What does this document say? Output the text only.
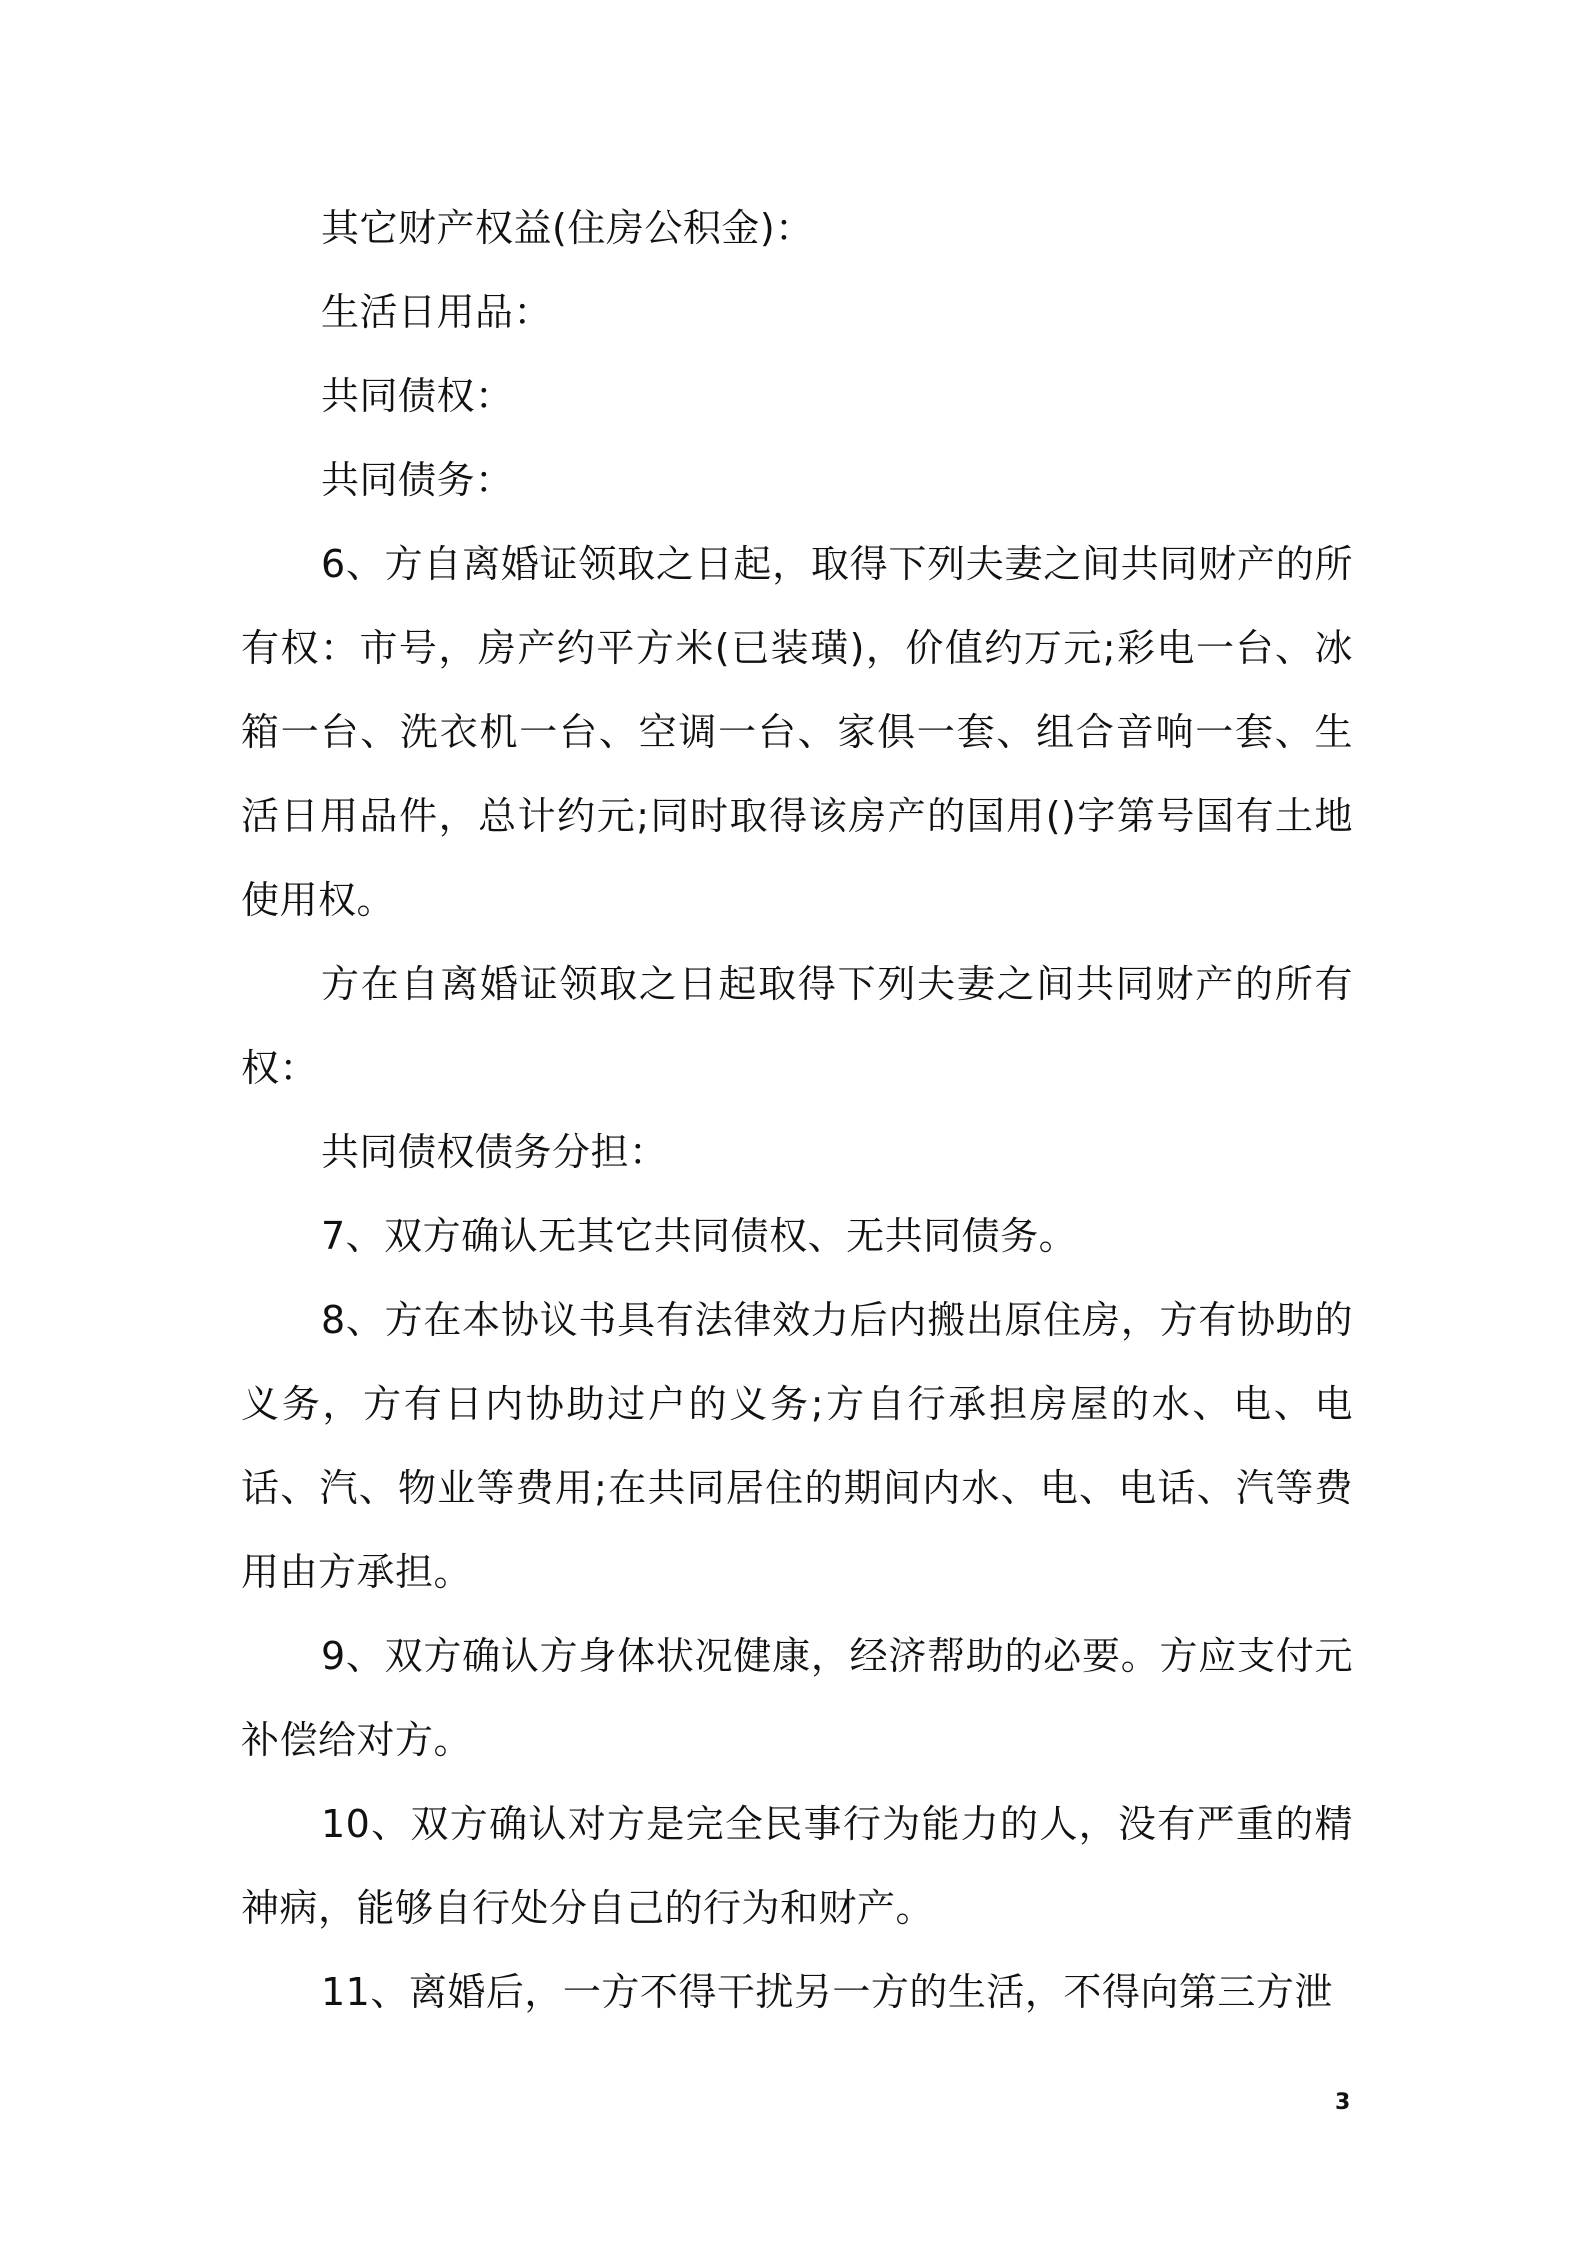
其它财产权益(住房公积金)：

生活日用品：

共同债权：

共同债务：

6、方自离婚证领取之日起，取得下列夫妻之间共同财产的所有权：市号，房产约平方米(已装璜)，价值约万元;彩电一台、冰箱一台、洗衣机一台、空调一台、家俱一套、组合音响一套、生活日用品件，总计约元;同时取得该房产的国用()字第号国有土地使用权。

方在自离婚证领取之日起取得下列夫妻之间共同财产的所有权：

共同债权债务分担：

7、双方确认无其它共同债权、无共同债务。

8、方在本协议书具有法律效力后内搬出原住房，方有协助的义务，方有日内协助过户的义务;方自行承担房屋的水、电、电话、汽、物业等费用;在共同居住的期间内水、电、电话、汽等费用由方承担。

9、双方确认方身体状况健康，经济帮助的必要。方应支付元补偿给对方。

10、双方确认对方是完全民事行为能力的人，没有严重的精神病，能够自行处分自己的行为和财产。

11、离婚后，一方不得干扰另一方的生活，不得向第三方泄

3
